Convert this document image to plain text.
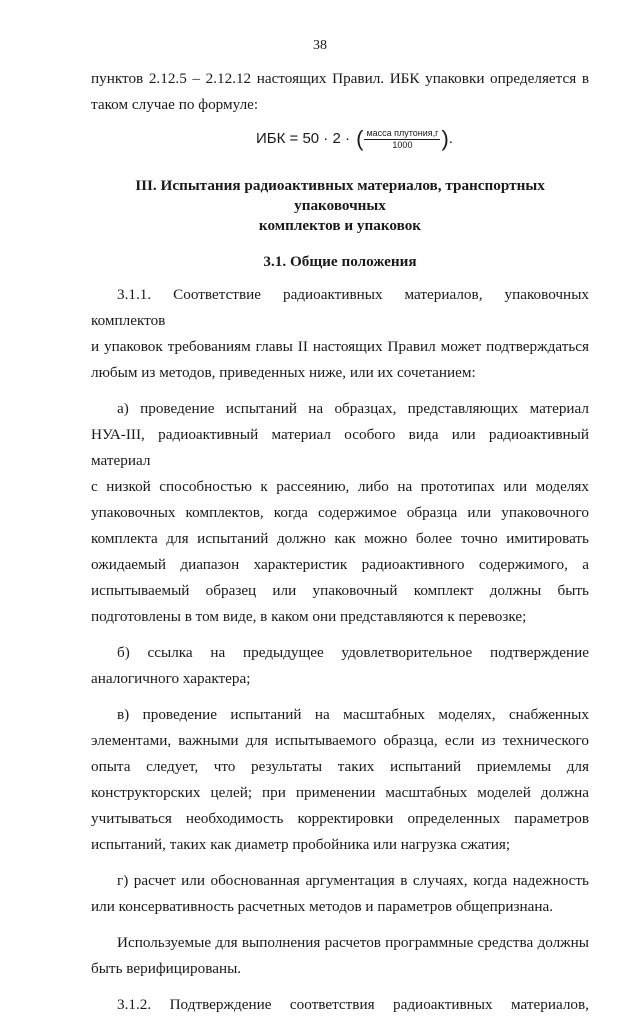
38

пунктов 2.12.5 – 2.12.12 настоящих Правил. ИБК упаковки определяется в

таком случае по формуле:

ИБК = 50 · 2 · ( $\frac{\text{масса плутония,г}}{1000}$ ) .

III. Испытания радиоактивных материалов, транспортных упаковочных

комплектов и упаковок

3.1. Общие положения

3.1.1. Соответствие радиоактивных материалов, упаковочных комплектов

и упаковок требованиям главы II настоящих Правил может подтверждаться

любым из методов, приведенных ниже, или их сочетанием:

а) проведение испытаний на образцах, представляющих материал

НУА-III, радиоактивный материал особого вида или радиоактивный материал

с низкой способностью к рассеянию, либо на прототипах или моделях

упаковочных комплектов, когда содержимое образца или упаковочного

комплекта для испытаний должно как можно более точно имитировать

ожидаемый диапазон характеристик радиоактивного содержимого, а

испытываемый образец или упаковочный комплект должны быть

подготовлены в том виде, в каком они представляются к перевозке;

б) ссылка на предыдущее удовлетворительное подтверждение

аналогичного характера;

в) проведение испытаний на масштабных моделях, снабженных

элементами, важными для испытываемого образца, если из технического

опыта следует, что результаты таких испытаний приемлемы для

конструкторских целей; при применении масштабных моделей должна

учитываться необходимость корректировки определенных параметров

испытаний, таких как диаметр пробойника или нагрузка сжатия;

г) расчет или обоснованная аргументация в случаях, когда надежность

или консервативность расчетных методов и параметров общепризнана.

Используемые для выполнения расчетов программные средства должны

быть верифицированы.

3.1.2. Подтверждение соответствия радиоактивных материалов,
